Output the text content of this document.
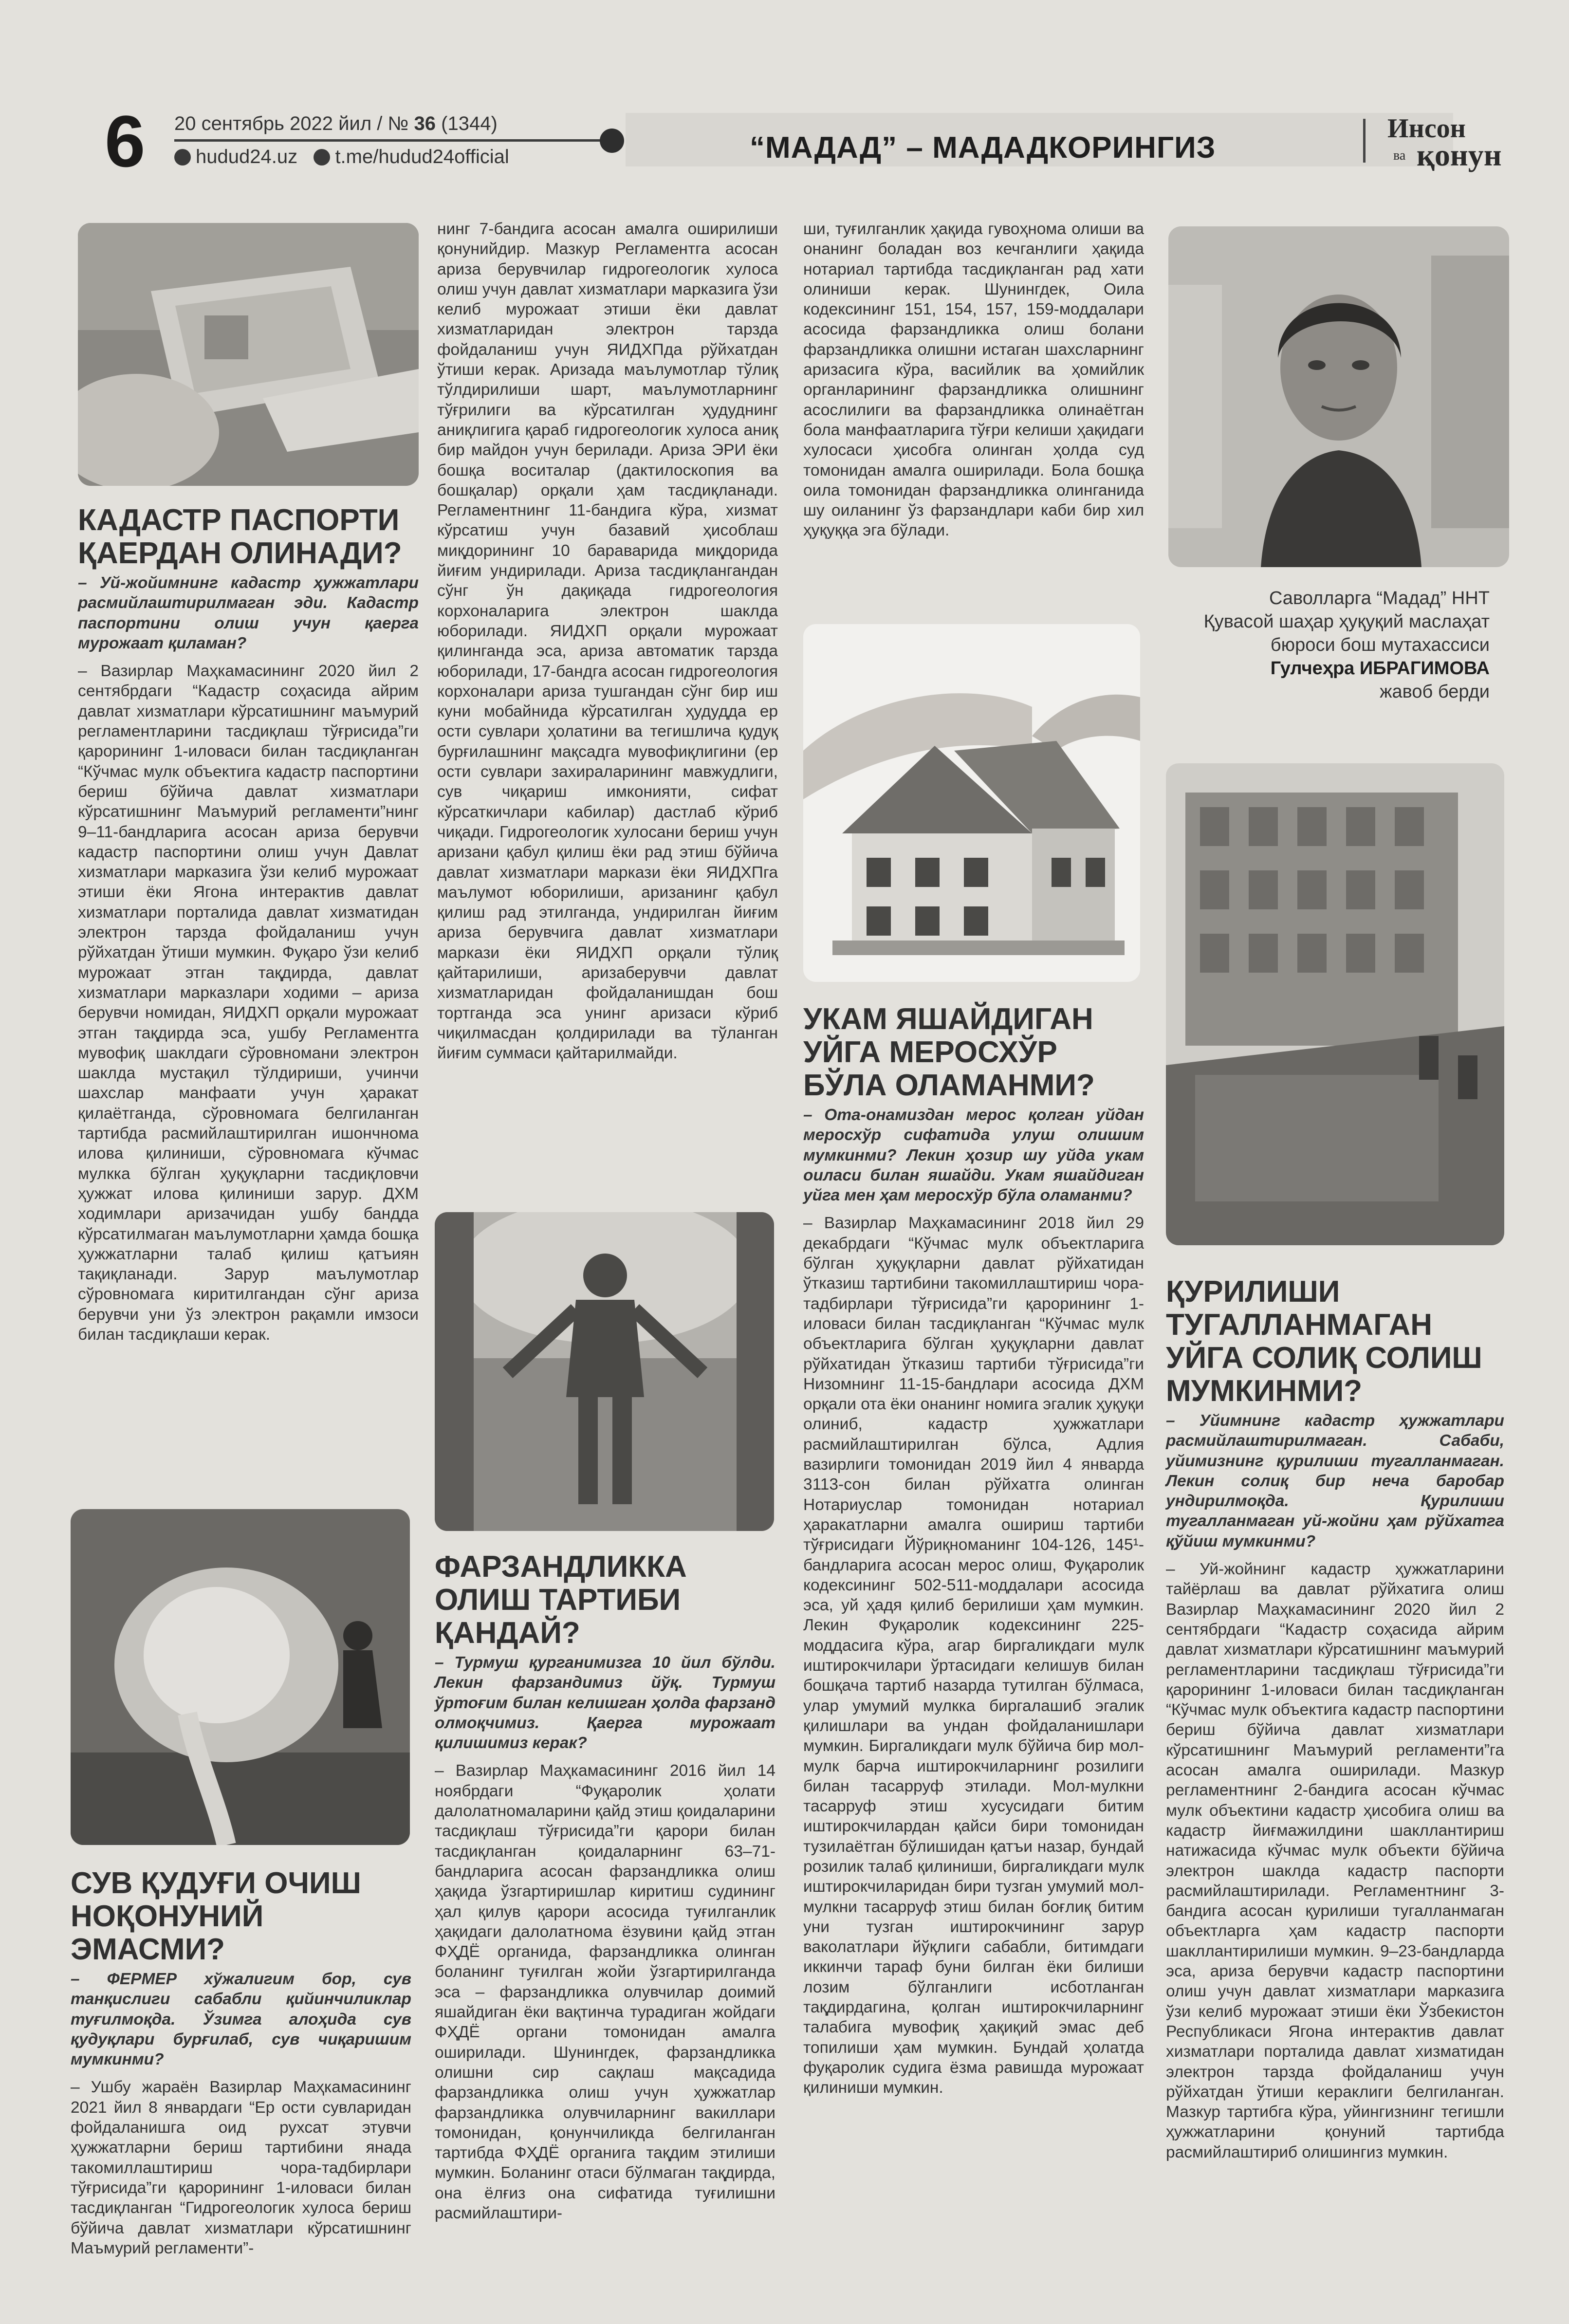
6 20 сентябрь 2022 йил / № 36 (1344)
hudud24.uz t.me/hudud24official	“МАДАД” – МАДАДКОРИНГИЗ
Инсон
ва қонун
Саволларга “Мадад” ННТ
Қувасой шаҳар ҳуқуқий маслаҳат
бюроси бош мутахассиси
Гулчеҳра ИБРАГИМОВА
жавоб берди
КАДАСТР ПАСПОРТИ ҚАЕРДАН ОЛИНАДИ?

– Уй-жойимнинг кадастр ҳужжатлари расмийлаштирилмаган эди. Кадастр паспортини олиш учун қаерга мурожаат қиламан?

– Вазирлар Маҳкамасининг 2020 йил 2 сентябрдаги “Кадастр соҳасида айрим давлат хизматлари кўрсатишнинг маъмурий регламентларини тасдиқлаш тўғрисида”ги қарорининг 1-иловаси билан тасдиқланган “Кўчмас мулк объектига кадастр паспортини бериш бўйича давлат хизматлари кўрсатишнинг Маъмурий регламенти”нинг 9–11-бандларига асосан ариза берувчи кадастр паспортини олиш учун Давлат хизматлари марказига ўзи келиб мурожаат этиши ёки Ягона интерактив давлат хизматлари порталида давлат хизматидан электрон тарзда фойдаланиш учун рўйхатдан ўтиши мумкин. Фуқаро ўзи келиб мурожаат этган тақдирда, давлат хизматлари марказлари ходими – ариза берувчи номидан, ЯИДХП орқали мурожаат этган тақдирда эса, ушбу Регламентга мувофиқ шаклдаги сўровномани электрон шаклда мустақил тўлдириши, учинчи шахслар манфаати учун ҳаракат қилаётганда, сўровномага белгиланган тартибда расмийлаштирилган ишончнома илова қилиниши, сўровномага кўчмас мулкка бўлган ҳуқуқларни тасдиқловчи ҳужжат илова қилиниши зарур. ДХМ ходимлари аризачидан ушбу бандда кўрсатилмаган маълумотларни ҳамда бошқа ҳужжатларни талаб қилиш қатъиян тақиқланади. Зарур маълумотлар сўровномага киритилгандан сўнг ариза берувчи уни ўз электрон рақамли имзоси билан тасдиқлаши керак.

СУВ ҚУДУҒИ ОЧИШ НОҚОНУНИЙ ЭМАСМИ?

– ФЕРМЕР хўжалигим бор, сув танқислиги сабабли қийинчиликлар туғилмоқда. Ўзимга алоҳида сув қудуқлари бурғилаб, сув чиқаришим мумкинми?

– Ушбу жараён Вазирлар Маҳкамасининг 2021 йил 8 январдаги “Ер ости сувларидан фойдаланишга оид рухсат этувчи ҳужжатларни бериш тартибини янада такомиллаштириш чора-тадбирлари тўғрисида”ги қарорининг 1-иловаси билан тасдиқланган “Гидрогеологик хулоса бериш бўйича давлат хизматлари кўрсатишнинг Маъмурий регламенти”-

нинг 7-бандига асосан амалга оширилиши қонунийдир. Мазкур Регламентга асосан ариза берувчилар гидрогеологик хулоса олиш учун давлат хизматлари марказига ўзи келиб мурожаат этиши ёки давлат хизматларидан электрон тарзда фойдаланиш учун ЯИДХПда рўйхатдан ўтиши керак. Аризада маълумотлар тўлиқ тўлдирилиши шарт, маълумотларнинг тўғрилиги ва кўрсатилган ҳудуднинг аниқлигига қараб гидрогеологик хулоса аниқ бир майдон учун берилади. Ариза ЭРИ ёки бошқа воситалар (дактилоскопия ва бошқалар) орқали ҳам тасдиқланади. Регламентнинг 11-бандига кўра, хизмат кўрсатиш учун базавий ҳисоблаш миқдорининг 10 бараварида миқдорида йиғим ундирилади. Ариза тасдиқлангандан сўнг ўн дақиқада гидрогеология корхоналарига электрон шаклда юборилади. ЯИДХП орқали мурожаат қилинганда эса, ариза автоматик тарзда юборилади, 17-бандга асосан гидрогеология корхоналари ариза тушгандан сўнг бир иш куни мобайнида кўрсатилган ҳудудда ер ости сувлари ҳолатини ва тегишлича қудуқ бурғилашнинг мақсадга мувофиқлигини (ер ости сувлари захираларининг мавжудлиги, сув чиқариш имконияти, сифат кўрсаткичлари кабилар) дастлаб кўриб чиқади. Гидрогеологик хулосани бериш учун аризани қабул қилиш ёки рад этиш бўйича давлат хизматлари маркази ёки ЯИДХПга маълумот юборилиши, аризанинг қабул қилиш рад этилганда, ундирилган йиғим ариза берувчига давлат хизматлари маркази ёки ЯИДХП орқали тўлиқ қайтарилиши, аризаберувчи давлат хизматларидан фойдаланишдан бош тортганда эса унинг аризаси кўриб чиқилмасдан қолдирилади ва тўланган йиғим суммаси қайтарилмайди.

ФАРЗАНДЛИККА ОЛИШ ТАРТИБИ ҚАНДАЙ?

– Турмуш қурганимизга 10 йил бўлди. Лекин фарзандимиз йўқ. Турмуш ўртоғим билан келишган ҳолда фарзанд олмоқчимиз. Қаерга мурожаат қилишимиз керак?

– Вазирлар Маҳкамасининг 2016 йил 14 ноябрдаги “Фуқаролик ҳолати далолатномаларини қайд этиш қоидаларини тасдиқлаш тўғрисида”ги қарори билан тасдиқланган қоидаларнинг 63–71-бандларига асосан фарзандликка олиш ҳақида ўзгартиришлар киритиш судининг ҳал қилув қарори асосида туғилганлик ҳақидаги далолатнома ёзувини қайд этган ФҲДЁ органида, фарзандликка олинган боланинг туғилган жойи ўзгартирилганда эса – фарзандликка олувчилар доимий яшайдиган ёки вақтинча турадиган жойдаги ФҲДЁ органи томонидан амалга оширилади. Шунингдек, фарзандликка олишни сир сақлаш мақсадида фарзандликка олиш учун ҳужжатлар фарзандликка олувчиларнинг вакиллари томонидан, қонунчиликда белгиланган тартибда ФҲДЁ органига тақдим этилиши мумкин. Боланинг отаси бўлмаган тақдирда, она ёлғиз она сифатида туғилишни расмийлаштири-

ши, туғилганлик ҳақида гувоҳнома олиши ва онанинг боладан воз кечганлиги ҳақида нотариал тартибда тасдиқланган рад хати олиниши керак. Шунингдек, Оила кодексининг 151, 154, 157, 159-моддалари асосида фарзандликка олиш болани фарзандликка олишни истаган шахсларнинг аризасига кўра, васийлик ва ҳомийлик органларининг фарзандликка олишнинг асослилиги ва фарзандликка олинаётган бола манфаатларига тўғри келиши ҳақидаги хулосаси ҳисобга олинган ҳолда суд томонидан амалга оширилади. Бола бошқа оила томонидан фарзандликка олинганида шу оиланинг ўз фарзандлари каби бир хил ҳуқуққа эга бўлади.

УКАМ ЯШАЙДИГАН УЙГА МЕРОСХЎР БЎЛА ОЛАМАНМИ?

– Ота-онамиздан мерос қолган уйдан меросхўр сифатида улуш олишим мумкинми? Лекин ҳозир шу уйда укам оиласи билан яшайди. Укам яшайдиган уйга мен ҳам меросхўр бўла оламанми?

– Вазирлар Маҳкамасининг 2018 йил 29 декабрдаги “Кўчмас мулк объектларига бўлган ҳуқуқларни давлат рўйхатидан ўтказиш тартибини такомиллаштириш чора-тадбирлари тўғрисида”ги қарорининг 1-иловаси билан тасдиқланган “Кўчмас мулк объектларига бўлган ҳуқуқларни давлат рўйхатидан ўтказиш тартиби тўғрисида”ги Низомнинг 11-15-бандлари асосида ДХМ орқали ота ёки онанинг номига эгалик ҳуқуқи олиниб, кадастр ҳужжатлари расмийлаштирилган бўлса, Адлия вазирлиги томонидан 2019 йил 4 январда 3113-сон билан рўйхатга олинган Нотариуслар томонидан нотариал ҳаракатларни амалга ошириш тартиби тўғрисидаги Йўриқноманинг 104-126, 145¹-бандларига асосан мерос олиш, Фуқаролик кодексининг 502-511-моддалари асосида эса, уй ҳадя қилиб берилиши ҳам мумкин. Лекин Фуқаролик кодексининг 225-моддасига кўра, агар биргаликдаги мулк иштирокчилари ўртасидаги келишув билан бошқача тартиб назарда тутилган бўлмаса, улар умумий мулкка биргалашиб эгалик қилишлари ва ундан фойдаланишлари мумкин. Биргаликдаги мулк бўйича бир мол-мулк барча иштирокчиларнинг розилиги билан тасарруф этилади. Мол-мулкни тасарруф этиш хусусидаги битим иштирокчилардан қайси бири томонидан тузилаётган бўлишидан қатъи назар, бундай розилик талаб қилиниши, биргаликдаги мулк иштирокчиларидан бири тузган умумий мол-мулкни тасарруф этиш билан боғлиқ битим уни тузган иштирокчининг зарур ваколатлари йўқлиги сабабли, битимдаги иккинчи тараф буни билган ёки билиши лозим бўлганлиги исботланган тақдирдагина, қолган иштирокчиларнинг талабига мувофиқ ҳақиқий эмас деб топилиши ҳам мумкин. Бундай ҳолатда фуқаролик судига ёзма равишда мурожаат қилиниши мумкин.

ҚУРИЛИШИ ТУГАЛЛАНМАГАН УЙГА СОЛИҚ СОЛИШ МУМКИНМИ?

– Уйимнинг кадастр ҳужжатлари расмийлаштирилмаган. Сабаби, уйимизнинг қурилиши тугалланмаган. Лекин солиқ бир неча баробар ундирилмоқда. Қурилиши тугалланмаган уй-жойни ҳам рўйхатга қўйиш мумкинми?

– Уй-жойнинг кадастр ҳужжатларини тайёрлаш ва давлат рўйхатига олиш Вазирлар Маҳкамасининг 2020 йил 2 сентябрдаги “Кадастр соҳасида айрим давлат хизматлари кўрсатишнинг маъмурий регламентларини тасдиқлаш тўғрисида”ги қарорининг 1-иловаси билан тасдиқланган “Кўчмас мулк объектига кадастр паспортини бериш бўйича давлат хизматлари кўрсатишнинг Маъмурий регламенти”га асосан амалга оширилади. Мазкур регламентнинг 2-бандига асосан кўчмас мулк объектини кадастр ҳисобига олиш ва кадастр йиғмажилдини шакллантириш натижасида кўчмас мулк объекти бўйича электрон шаклда кадастр паспорти расмийлаштирилади. Регламентнинг 3-бандига асосан қурилиши тугалланмаган объектларга ҳам кадастр паспорти шакллантирилиши мумкин. 9–23-бандларда эса, ариза берувчи кадастр паспортини олиш учун давлат хизматлари марказига ўзи келиб мурожаат этиши ёки Ўзбекистон Республикаси Ягона интерактив давлат хизматлари порталида давлат хизматидан электрон тарзда фойдаланиш учун рўйхатдан ўтиши кераклиги белгиланган. Мазкур тартибга кўра, уйингизнинг тегишли ҳужжатларини қонуний тартибда расмийлаштириб олишингиз мумкин.
